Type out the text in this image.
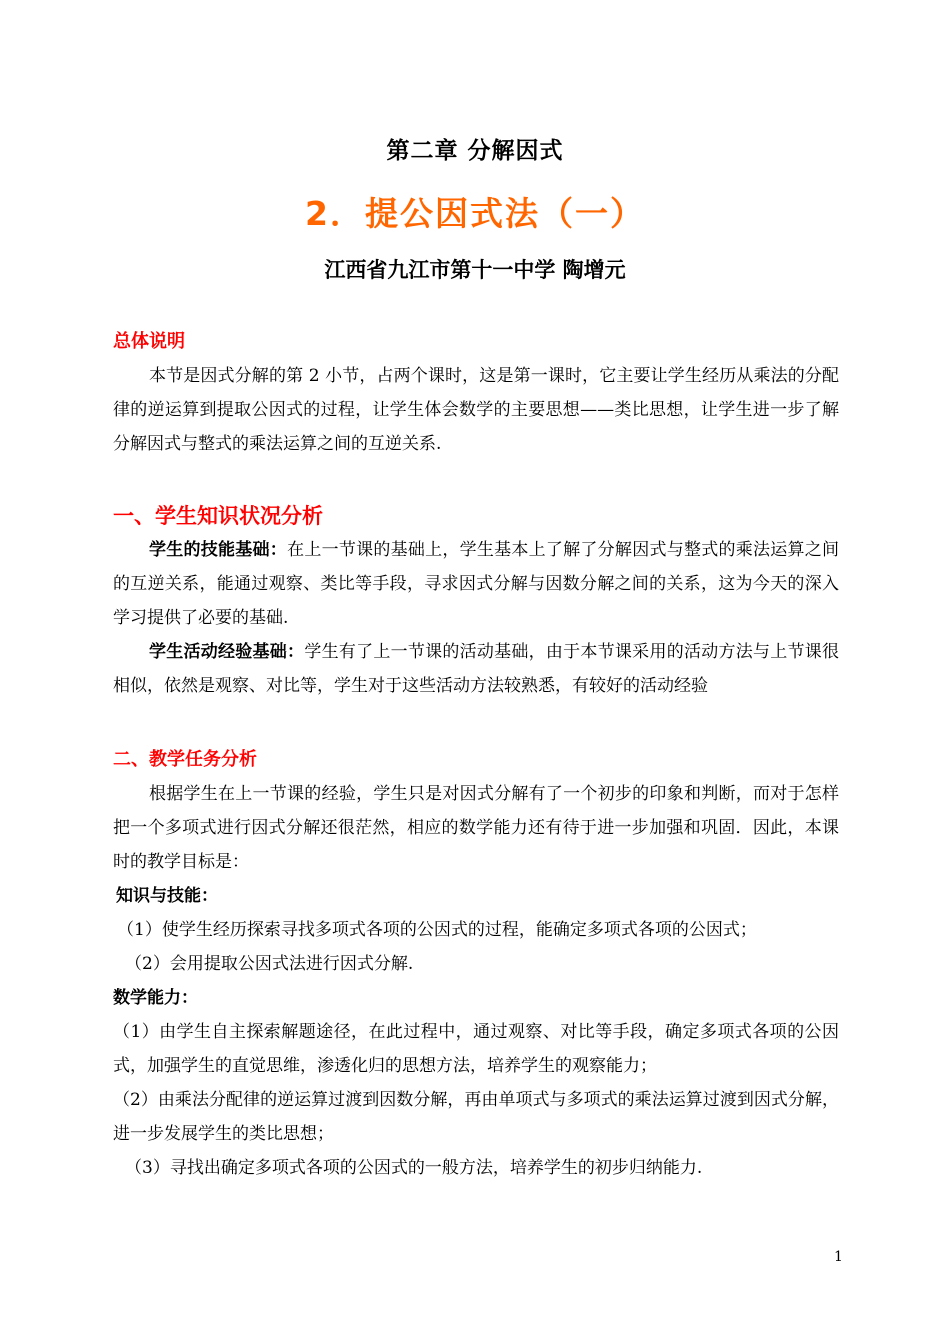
第二章 分解因式
2．提公因式法（一）
江西省九江市第十一中学 陶增元
总体说明

本节是因式分解的第 2 小节，占两个课时，这是第一课时，它主要让学生经历从乘法的分配律的逆运算到提取公因式的过程，让学生体会数学的主要思想——类比思想，让学生进一步了解分解因式与整式的乘法运算之间的互逆关系.

一、学生知识状况分析

学生的技能基础：在上一节课的基础上，学生基本上了解了分解因式与整式的乘法运算之间的互逆关系，能通过观察、类比等手段，寻求因式分解与因数分解之间的关系，这为今天的深入学习提供了必要的基础.

学生活动经验基础：学生有了上一节课的活动基础，由于本节课采用的活动方法与上节课很相似，依然是观察、对比等，学生对于这些活动方法较熟悉，有较好的活动经验

二、教学任务分析

根据学生在上一节课的经验，学生只是对因式分解有了一个初步的印象和判断，而对于怎样把一个多项式进行因式分解还很茫然，相应的数学能力还有待于进一步加强和巩固．因此，本课时的教学目标是：

知识与技能：
（1）使学生经历探索寻找多项式各项的公因式的过程，能确定多项式各项的公因式；
（2）会用提取公因式法进行因式分解.
数学能力：

（1）由学生自主探索解题途径，在此过程中，通过观察、对比等手段，确定多项式各项的公因式，加强学生的直觉思维，渗透化归的思想方法，培养学生的观察能力；

（2）由乘法分配律的逆运算过渡到因数分解，再由单项式与多项式的乘法运算过渡到因式分解，进一步发展学生的类比思想；

（3）寻找出确定多项式各项的公因式的一般方法，培养学生的初步归纳能力.
1
